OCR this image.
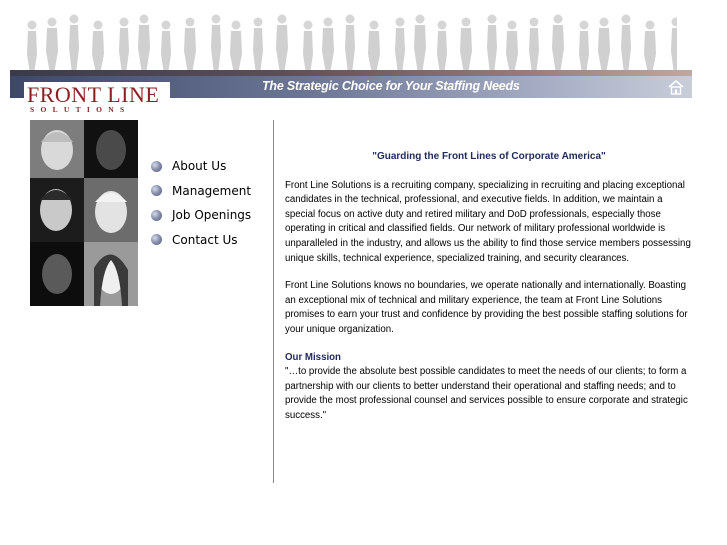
The Strategic Choice for Your Staffing Needs
FRONT LINE
SOLUTIONS
About Us
Management
Job Openings
Contact Us

"Guarding the Front Lines of Corporate America"

Front Line Solutions is a recruiting company, specializing in recruiting and placing exceptional candidates in the technical, professional, and executive fields. In addition, we maintain a special focus on active duty and retired military and DoD professionals, especially those operating in critical and classified fields. Our network of military professional worldwide is unparalleled in the industry, and allows us the ability to find those service members possessing unique skills, technical experience, specialized training, and security clearances.

Front Line Solutions knows no boundaries, we operate nationally and internationally. Boasting an exceptional mix of technical and military experience, the team at Front Line Solutions promises to earn your trust and confidence by providing the best possible staffing solutions for your unique organization.

Our Mission

"…to provide the absolute best possible candidates to meet the needs of our clients; to form a partnership with our clients to better understand their operational and staffing needs; and to provide the most professional counsel and services possible to ensure corporate and strategic success."
